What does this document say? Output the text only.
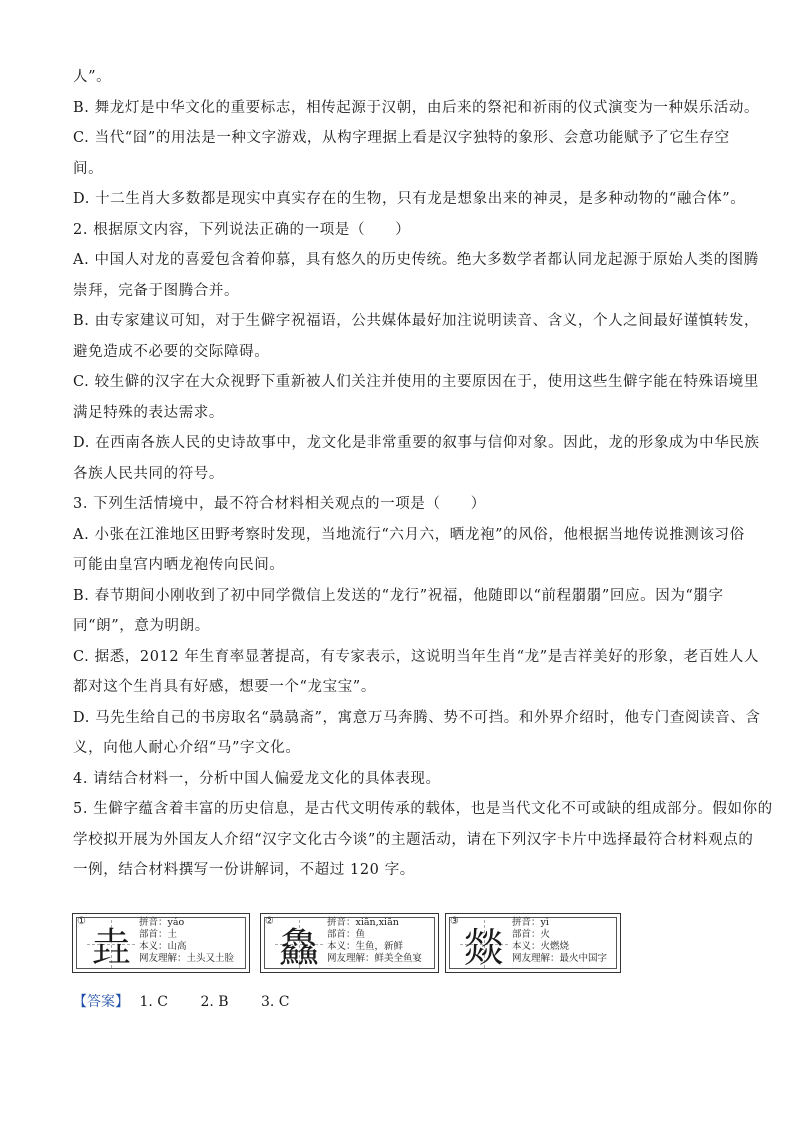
人”。
B. 舞龙灯是中华文化的重要标志，相传起源于汉朝，由后来的祭祀和祈雨的仪式演变为一种娱乐活动。
C. 当代“囧”的用法是一种文字游戏，从构字理据上看是汉字独特的象形、会意功能赋予了它生存空
间。
D. 十二生肖大多数都是现实中真实存在的生物，只有龙是想象出来的神灵，是多种动物的“融合体”。
2. 根据原文内容，下列说法正确的一项是（　　）
A. 中国人对龙的喜爱包含着仰慕，具有悠久的历史传统。绝大多数学者都认同龙起源于原始人类的图腾
崇拜，完备于图腾合并。
B. 由专家建议可知，对于生僻字祝福语，公共媒体最好加注说明读音、含义，个人之间最好谨慎转发，
避免造成不必要的交际障碍。
C. 较生僻的汉字在大众视野下重新被人们关注并使用的主要原因在于，使用这些生僻字能在特殊语境里
满足特殊的表达需求。
D. 在西南各族人民的史诗故事中，龙文化是非常重要的叙事与信仰对象。因此，龙的形象成为中华民族
各族人民共同的符号。
3. 下列生活情境中，最不符合材料相关观点的一项是（　　）
A. 小张在江淮地区田野考察时发现，当地流行“六月六，晒龙袍”的风俗，他根据当地传说推测该习俗
可能由皇宫内晒龙袍传向民间。
B. 春节期间小刚收到了初中同学微信上发送的“龙行”祝福，他随即以“前程朤朤”回应。因为“朤字
同“朗”，意为明朗。
C. 据悉，2012 年生育率显著提高，有专家表示，这说明当年生肖“龙”是吉祥美好的形象，老百姓人人
都对这个生肖具有好感，想要一个“龙宝宝”。
D. 马先生给自己的书房取名“骉骉斋”，寓意万马奔腾、势不可挡。和外界介绍时，他专门查阅读音、含
义，向他人耐心介绍“马”字文化。
4. 请结合材料一，分析中国人偏爱龙文化的具体表现。
5. 生僻字蕴含着丰富的历史信息，是古代文明传承的载体，也是当代文化不可或缺的组成部分。假如你的
学校拟开展为外国友人介绍“汉字文化古今谈”的主题活动，请在下列汉字卡片中选择最符合材料观点的
一例，结合材料撰写一份讲解词，不超过 120 字。
①
垚
拼音：yáo
部首：土
本义：山高
网友理解：土头又土脸
②
鱻
拼音：xiān,xiān
部首：鱼
本义：生鱼，新鲜
网友理解：鲜美全鱼宴
③
燚
拼音：yì
部首：火
本义：火燃烧
网友理解：最火中国字
【答案】 1. C 2. B 3. C
